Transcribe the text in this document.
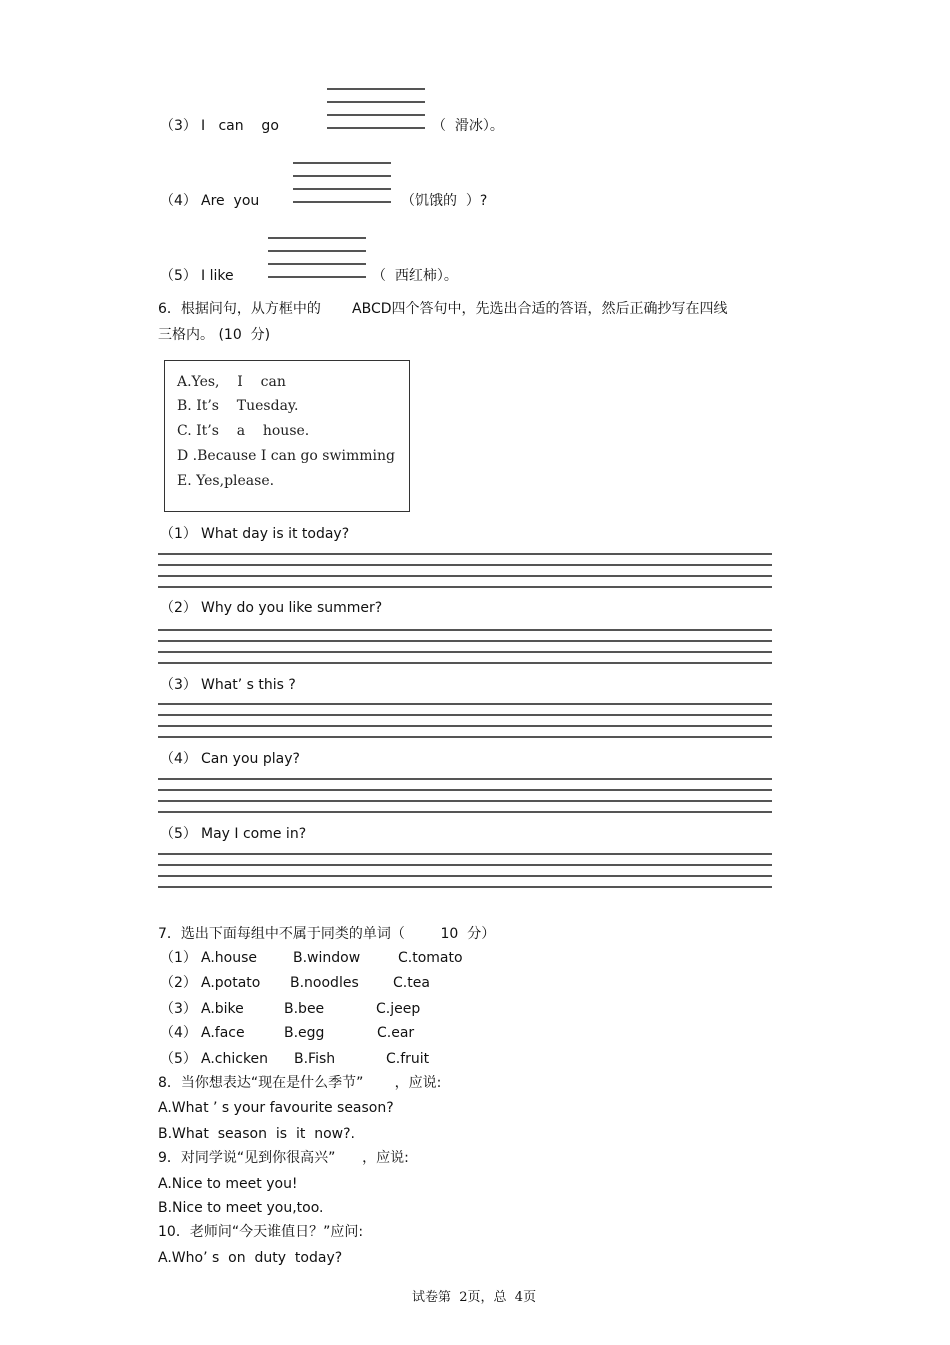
（3） I   can    go	（  滑冰）。
（4） Are  you	（饥饿的  ）?
（5） I like	（  西红柿）。
6．根据问句，从方框中的       ABCD四个答句中，先选出合适的答语，然后正确抄写在四线
三格内。 (10  分)
A.Yes,    I    can
B. It’s    Tuesday.
C. It’s    a    house.
D .Because I can go swimming
E. Yes,please.
（1） What day is it today?
（2） Why do you like summer?
（3） What’ s this ?
（4） Can you play?
（5） May I come in?
7．选出下面每组中不属于同类的单词（        10  分）
（1） A.house	B.window	C.tomato
（2） A.potato B.noodles C.tea
（3） A.bike	B.bee	C.jeep
（4） A.face	B.egg	C.ear
（5） A.chicken B.Fish	C.fruit
8．当你想表达“现在是什么季节”       ，应说:
A.What ’ s your favourite season?
B.What  season  is  it  now?.
9．对同学说“见到你很高兴”      ，应说:
A.Nice to meet you!
B.Nice to meet you,too.
10．老师问“今天谁值日？”应问:
A.Who’ s  on  duty  today?
试卷第  2页，总  4页
